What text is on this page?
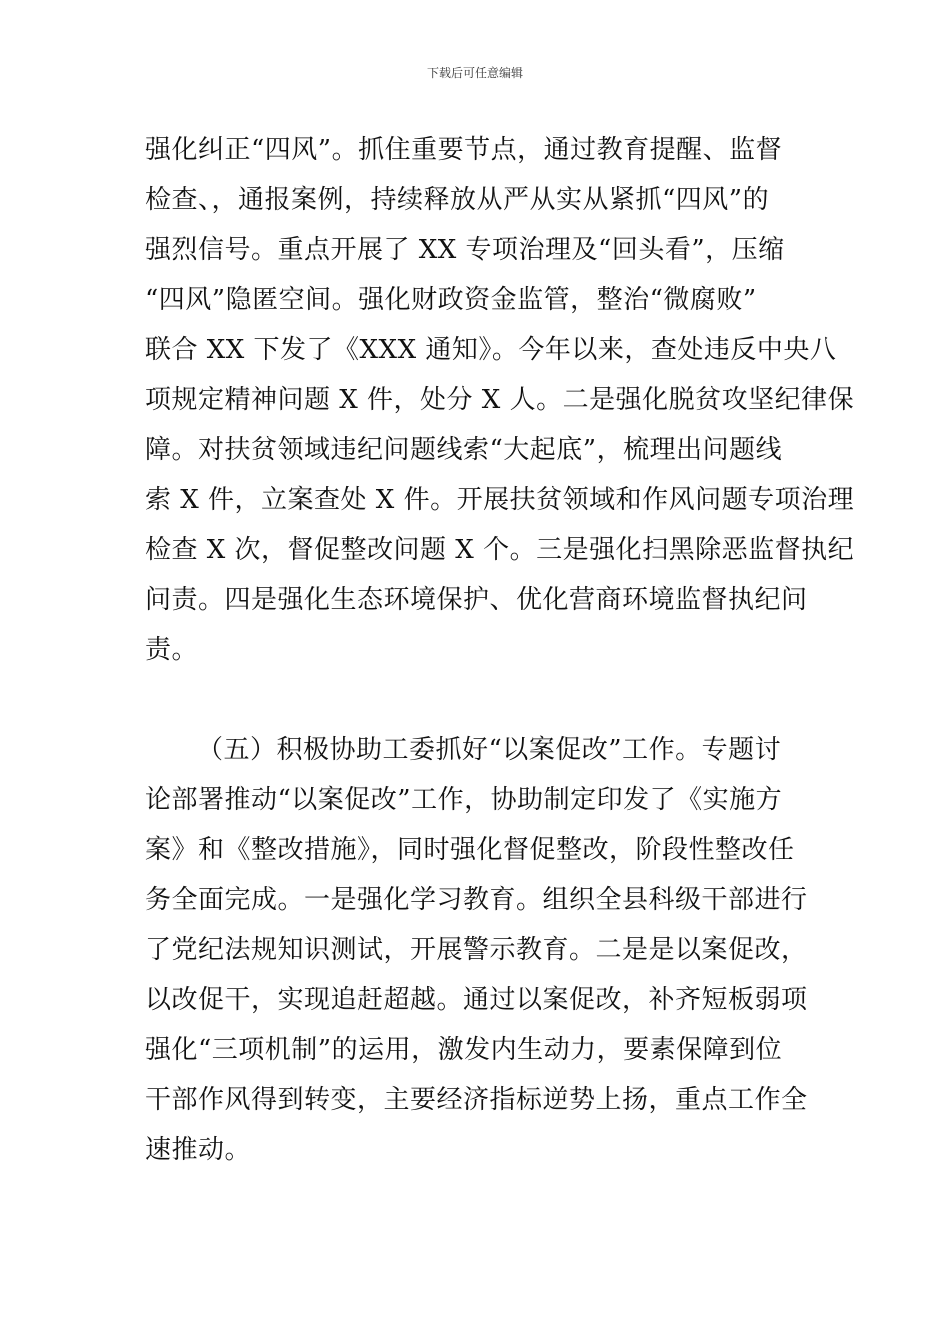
下载后可任意编辑
强化纠正“四风”。抓住重要节点，通过教育提醒、监督
检查、，通报案例，持续释放从严从实从紧抓“四风”的
强烈信号。重点开展了 XX 专项治理及“回头看”，压缩
“四风”隐匿空间。强化财政资金监管，整治“微腐败”
联合 XX 下发了《XXX 通知》。今年以来，查处违反中央八
项规定精神问题 X 件，处分 X 人。二是强化脱贫攻坚纪律保
障。对扶贫领域违纪问题线索“大起底”，梳理出问题线
索 X 件，立案查处 X 件。开展扶贫领域和作风问题专项治理
检查 X 次，督促整改问题 X 个。三是强化扫黑除恶监督执纪
问责。四是强化生态环境保护、优化营商环境监督执纪问
责。
（五）积极协助工委抓好“以案促改”工作。专题讨
论部署推动“以案促改”工作，协助制定印发了《实施方
案》和《整改措施》，同时强化督促整改，阶段性整改任
务全面完成。一是强化学习教育。组织全县科级干部进行
了党纪法规知识测试，开展警示教育。二是是以案促改，
以改促干，实现追赶超越。通过以案促改，补齐短板弱项
强化“三项机制”的运用，激发内生动力，要素保障到位
干部作风得到转变，主要经济指标逆势上扬，重点工作全
速推动。
